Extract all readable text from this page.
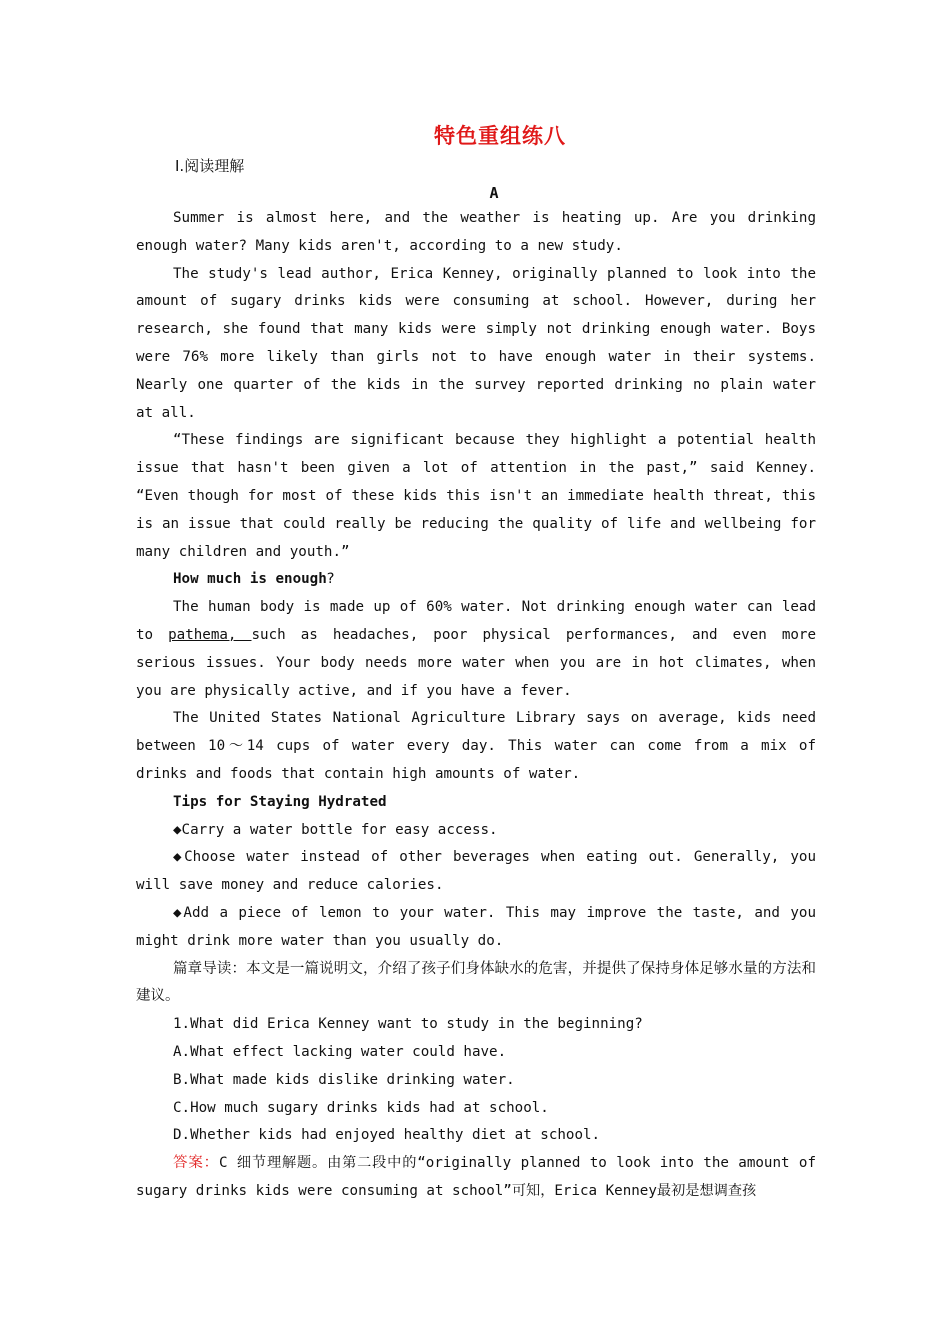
特色重组练八
Ⅰ.阅读理解
A

Summer is almost here, and the weather is heating up. Are you drinking enough water? Many kids aren't, according to a new study.

The study's lead author, Erica Kenney, originally planned to look into the amount of sugary drinks kids were consuming at school. However, during her research, she found that many kids were simply not drinking enough water. Boys were 76% more likely than girls not to have enough water in their systems. Nearly one quarter of the kids in the survey reported drinking no plain water at all.

“These findings are significant because they highlight a potential health issue that hasn't been given a lot of attention in the past,” said Kenney. “Even though for most of these kids this isn't an immediate health threat, this is an issue that could really be reducing the quality of life and wellbeing for many children and youth.”

How much is enough?

The human body is made up of 60% water. Not drinking enough water can lead to pathema, such as headaches, poor physical performances, and even more serious issues. Your body needs more water when you are in hot climates, when you are physically active, and if you have a fever.

The United States National Agriculture Library says on average, kids need between 10～14 cups of water every day. This water can come from a mix of drinks and foods that contain high amounts of water.

Tips for Staying Hydrated

◆Carry a water bottle for easy access.

◆Choose water instead of other beverages when eating out. Generally, you will save money and reduce calories.

◆Add a piece of lemon to your water. This may improve the taste, and you might drink more water than you usually do.

篇章导读：本文是一篇说明文，介绍了孩子们身体缺水的危害，并提供了保持身体足够水量的方法和建议。

1.What did Erica Kenney want to study in the beginning?

A.What effect lacking water could have.

B.What made kids dislike drinking water.

C.How much sugary drinks kids had at school.

D.Whether kids had enjoyed healthy diet at school.

答案：C 细节理解题。由第二段中的“originally planned to look into the amount of sugary drinks kids were consuming at school”可知，Erica Kenney最初是想调查孩
